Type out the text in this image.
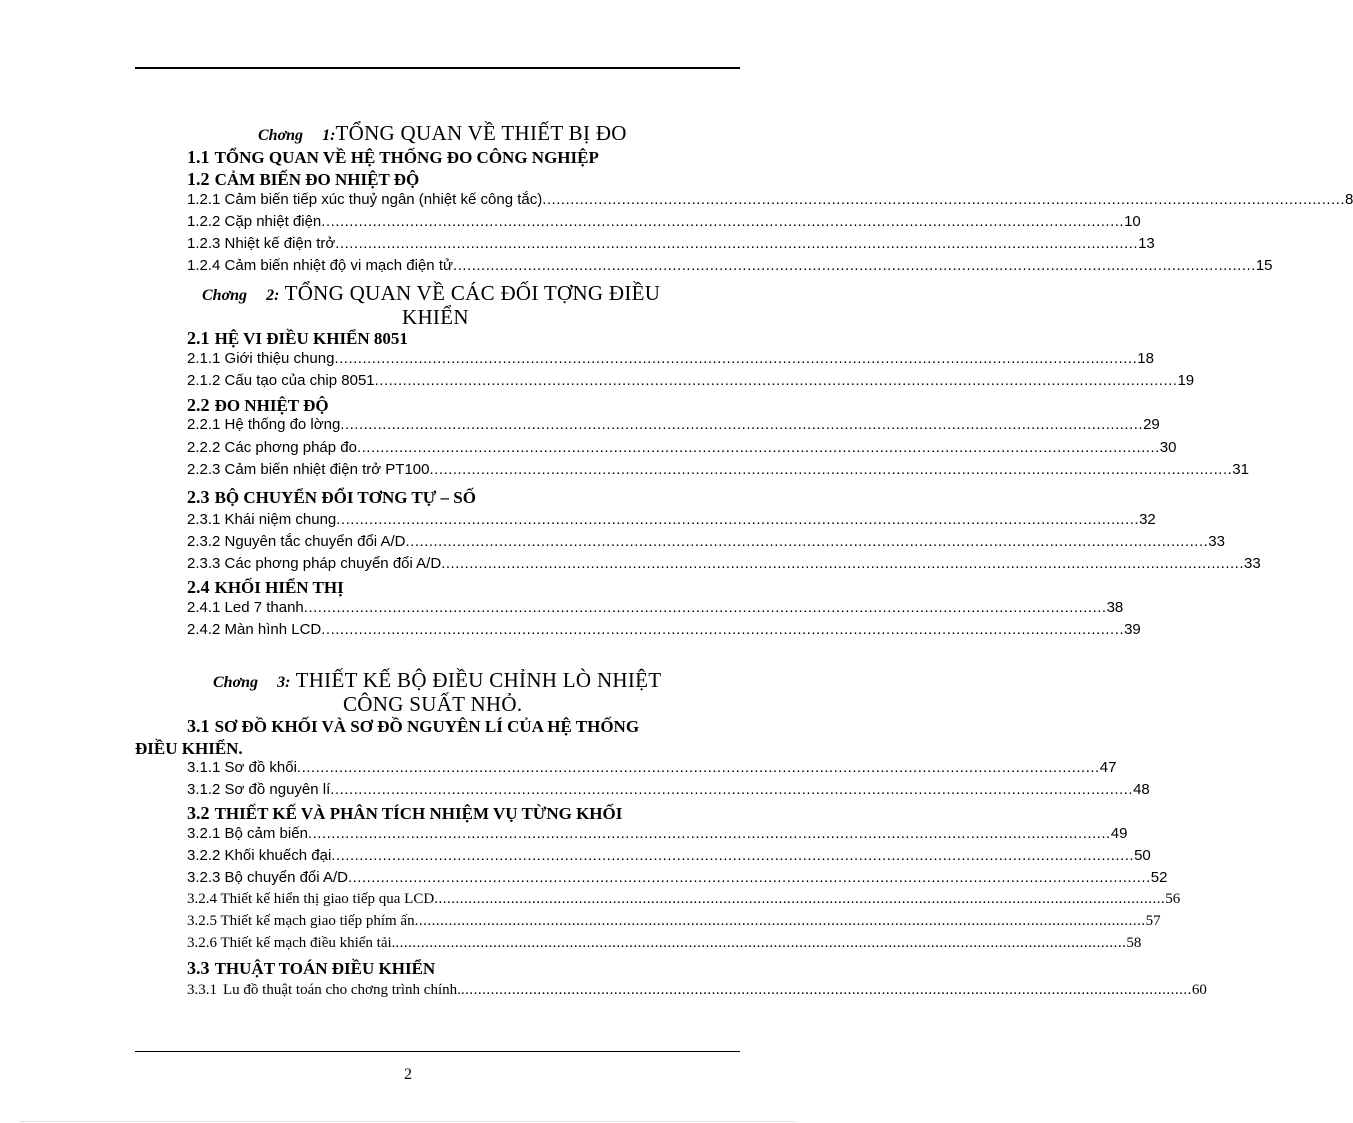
Chơng 1:TỔNG QUAN VỀ THIẾT BỊ ĐO
1.1 TỔNG QUAN VỀ HỆ THỐNG ĐO CÔNG NGHIỆP
1.2 CẢM BIẾN ĐO NHIỆT ĐỘ
1.2.1 Cảm biến tiếp xúc thuỷ ngân (nhiệt kế công tắc) ............................................................................................................................................................................ 8
1.2.2 Cặp nhiệt điện ............................................................................................................................................................................ 10
1.2.3 Nhiệt kế điện trở ............................................................................................................................................................................ 13
1.2.4 Cảm biến nhiệt độ vi mạch điện tử ............................................................................................................................................................................ 15
Chơng 2: TỔNG QUAN VỀ CÁC ĐỐI TỢNG ĐIỀU
KHIỂN
2.1 HỆ VI ĐIỀU KHIỂN 8051
2.1.1 Giới thiệu chung ............................................................................................................................................................................ 18
2.1.2 Cấu tạo của chip 8051 ............................................................................................................................................................................ 19
2.2 ĐO NHIỆT ĐỘ
2.2.1 Hệ thống đo lờng ............................................................................................................................................................................ 29
2.2.2 Các phơng pháp đo ............................................................................................................................................................................ 30
2.2.3 Cảm biến nhiệt điện trở PT100 ............................................................................................................................................................................ 31
2.3 BỘ CHUYỂN ĐỔI TƠNG TỰ – SỐ
2.3.1 Khái niệm chung ............................................................................................................................................................................ 32
2.3.2 Nguyên tắc chuyển đổi A/D ............................................................................................................................................................................ 33
2.3.3 Các phơng pháp chuyển đổi A/D ............................................................................................................................................................................ 33
2.4 KHỐI HIỂN THỊ
2.4.1 Led 7 thanh ............................................................................................................................................................................ 38
2.4.2 Màn hình LCD ............................................................................................................................................................................ 39
Chơng 3: THIẾT KẾ BỘ ĐIỀU CHỈNH LÒ NHIỆT
CÔNG SUẤT NHỎ.
3.1 SƠ ĐỒ KHỐI VÀ SƠ ĐỒ NGUYÊN LÍ CỦA HỆ THỐNG
ĐIỀU KHIỂN.
3.1.1 Sơ đồ khối ............................................................................................................................................................................ 47
3.1.2 Sơ đồ nguyên lí ............................................................................................................................................................................ 48
3.2 THIẾT KẾ VÀ PHÂN TÍCH NHIỆM VỤ TỪNG KHỐI
3.2.1 Bộ cảm biến ............................................................................................................................................................................ 49
3.2.2 Khối khuếch đại ............................................................................................................................................................................ 50
3.2.3 Bộ chuyển đổi A/D ............................................................................................................................................................................ 52
3.2.4 Thiết kế hiển thị giao tiếp qua LCD ............................................................................................................................................................................ 56
3.2.5 Thiết kế mạch giao tiếp phím ấn ............................................................................................................................................................................ 57
3.2.6 Thiết kế mạch điều khiển tải. ............................................................................................................................................................................ 58
3.3 THUẬT TOÁN ĐIỀU KHIỂN
3.3.1 Lu đồ thuật toán cho chơng trình chính. ............................................................................................................................................................................ 60
2
